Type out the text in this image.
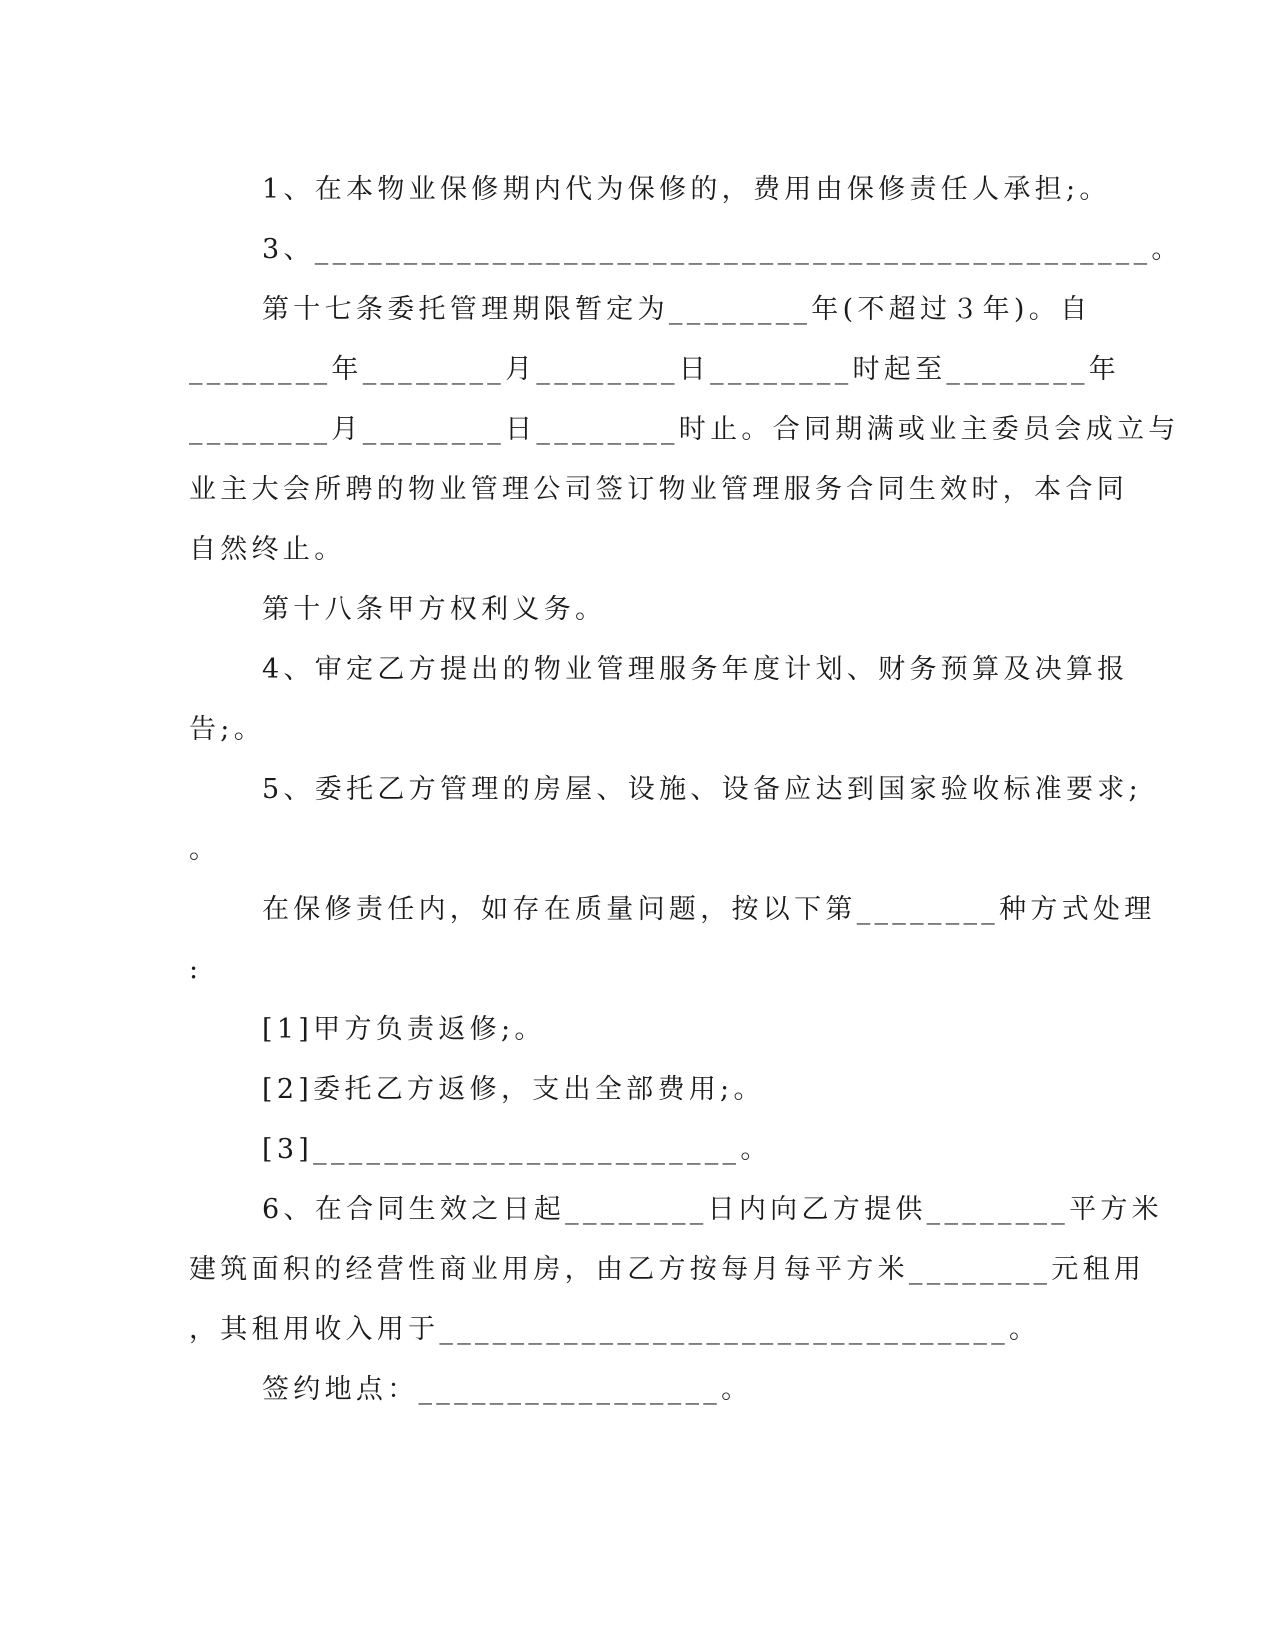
1、在本物业保修期内代为保修的，费用由保修责任人承担;。
3、_______________________________________________。
第十七条委托管理期限暂定为________年(不超过３年)。自
________年________月________日________时起至________年
________月________日________时止。合同期满或业主委员会成立与
业主大会所聘的物业管理公司签订物业管理服务合同生效时，本合同
自然终止。
第十八条甲方权利义务。
4、审定乙方提出的物业管理服务年度计划、财务预算及决算报
告;。
5、委托乙方管理的房屋、设施、设备应达到国家验收标准要求;
。
在保修责任内，如存在质量问题，按以下第________种方式处理
:
[1]甲方负责返修;。
[2]委托乙方返修，支出全部费用;。
[3]________________________。
6、在合同生效之日起________日内向乙方提供________平方米
建筑面积的经营性商业用房，由乙方按每月每平方米________元租用
，其租用收入用于________________________________。
签约地点：_________________。
